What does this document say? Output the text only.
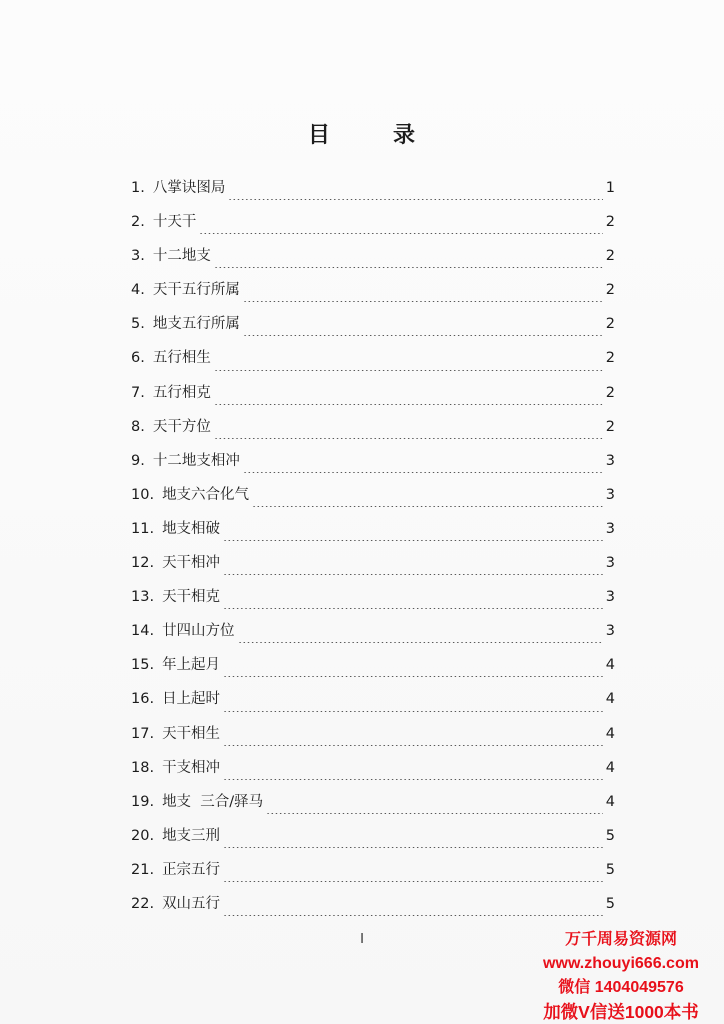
目	录
1. 八掌诀图局	1
2. 十天干	2
3. 十二地支	2
4. 天干五行所属	2
5. 地支五行所属	2
6. 五行相生	2
7. 五行相克	2
8. 天干方位	2
9. 十二地支相冲	3
10. 地支六合化气	3
11. 地支相破	3
12. 天干相冲	3
13. 天干相克	3
14. 廿四山方位	3
15. 年上起月	4
16. 日上起时	4
17. 天干相生	4
18. 干支相冲	4
19. 地支  三合/驿马	4
20. 地支三刑	5
21. 正宗五行	5
22. 双山五行	5
I	万千周易资源网
www.zhouyi666.com
微信 1404049576
加微V信送1000本书
